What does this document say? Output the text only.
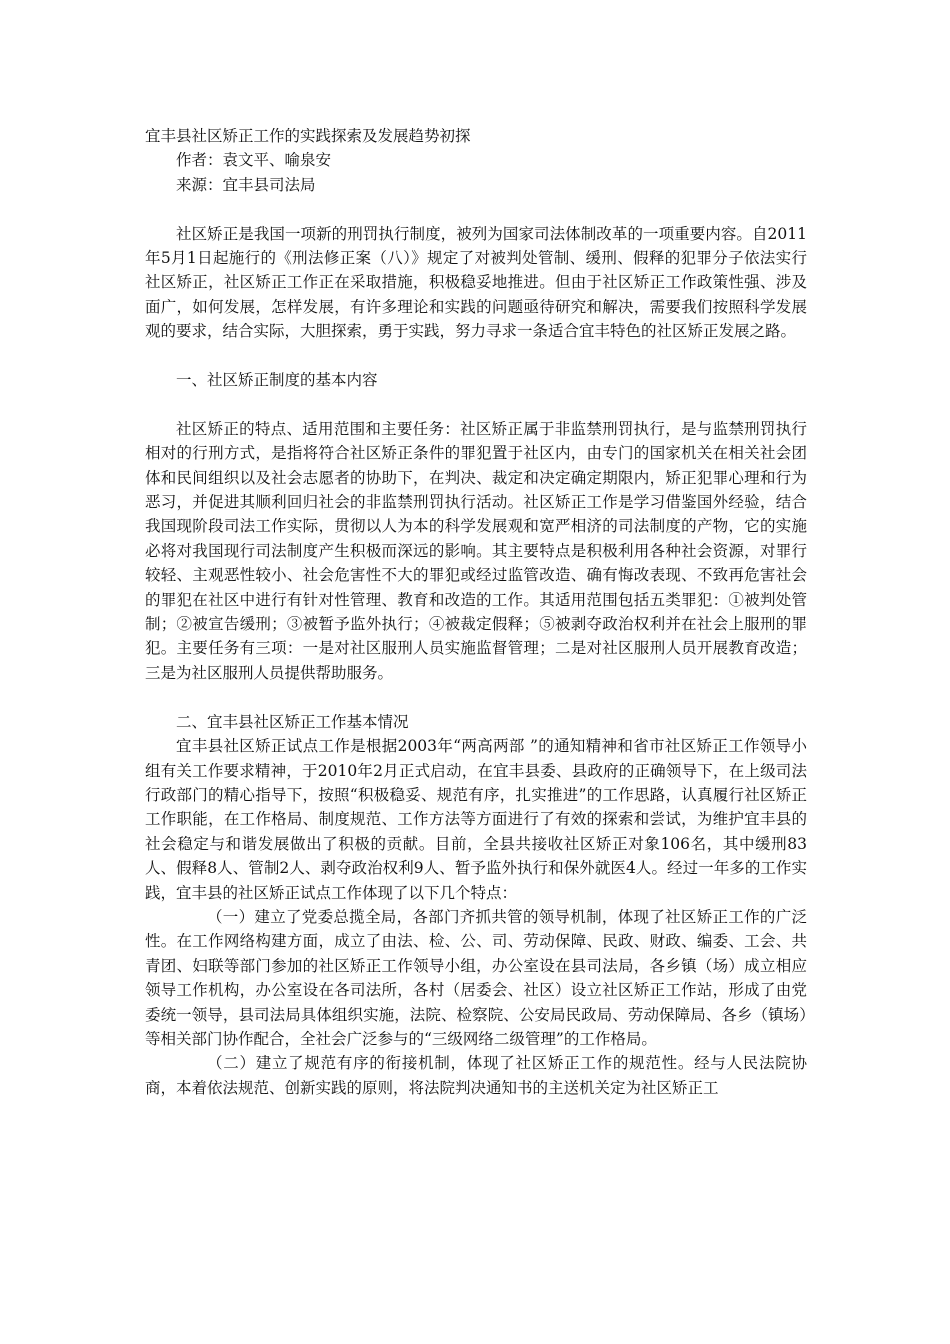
宜丰县社区矫正工作的实践探索及发展趋势初探
作者：袁文平、喻泉安
来源：宜丰县司法局

社区矫正是我国一项新的刑罚执行制度，被列为国家司法体制改革的一项重要内容。自2011年5月1日起施行的《刑法修正案（八）》规定了对被判处管制、缓刑、假释的犯罪分子依法实行社区矫正，社区矫正工作正在采取措施，积极稳妥地推进。但由于社区矫正工作政策性强、涉及面广，如何发展，怎样发展，有许多理论和实践的问题亟待研究和解决，需要我们按照科学发展观的要求，结合实际，大胆探索，勇于实践，努力寻求一条适合宜丰特色的社区矫正发展之路。

一、社区矫正制度的基本内容

社区矫正的特点、适用范围和主要任务：社区矫正属于非监禁刑罚执行，是与监禁刑罚执行相对的行刑方式，是指将符合社区矫正条件的罪犯置于社区内，由专门的国家机关在相关社会团体和民间组织以及社会志愿者的协助下，在判决、裁定和决定确定期限内，矫正犯罪心理和行为恶习，并促进其顺利回归社会的非监禁刑罚执行活动。社区矫正工作是学习借鉴国外经验，结合我国现阶段司法工作实际，贯彻以人为本的科学发展观和宽严相济的司法制度的产物，它的实施必将对我国现行司法制度产生积极而深远的影响。其主要特点是积极利用各种社会资源，对罪行较轻、主观恶性较小、社会危害性不大的罪犯或经过监管改造、确有悔改表现、不致再危害社会的罪犯在社区中进行有针对性管理、教育和改造的工作。其适用范围包括五类罪犯：①被判处管制；②被宣告缓刑；③被暂予监外执行；④被裁定假释；⑤被剥夺政治权利并在社会上服刑的罪犯。主要任务有三项：一是对社区服刑人员实施监督管理；二是对社区服刑人员开展教育改造；三是为社区服刑人员提供帮助服务。

二、宜丰县社区矫正工作基本情况

宜丰县社区矫正试点工作是根据2003年“两高两部 ”的通知精神和省市社区矫正工作领导小组有关工作要求精神，于2010年2月正式启动，在宜丰县委、县政府的正确领导下，在上级司法行政部门的精心指导下，按照“积极稳妥、规范有序，扎实推进”的工作思路，认真履行社区矫正工作职能，在工作格局、制度规范、工作方法等方面进行了有效的探索和尝试，为维护宜丰县的社会稳定与和谐发展做出了积极的贡献。目前，全县共接收社区矫正对象106名，其中缓刑83人、假释8人、管制2人、剥夺政治权利9人、暂予监外执行和保外就医4人。经过一年多的工作实践，宜丰县的社区矫正试点工作体现了以下几个特点：

（一）建立了党委总揽全局，各部门齐抓共管的领导机制，体现了社区矫正工作的广泛性。在工作网络构建方面，成立了由法、检、公、司、劳动保障、民政、财政、编委、工会、共青团、妇联等部门参加的社区矫正工作领导小组，办公室设在县司法局，各乡镇（场）成立相应领导工作机构，办公室设在各司法所，各村（居委会、社区）设立社区矫正工作站，形成了由党委统一领导，县司法局具体组织实施，法院、检察院、公安局民政局、劳动保障局、各乡（镇场）等相关部门协作配合，全社会广泛参与的“三级网络二级管理”的工作格局。

（二）建立了规范有序的衔接机制，体现了社区矫正工作的规范性。经与人民法院协商，本着依法规范、创新实践的原则，将法院判决通知书的主送机关定为社区矫正工
